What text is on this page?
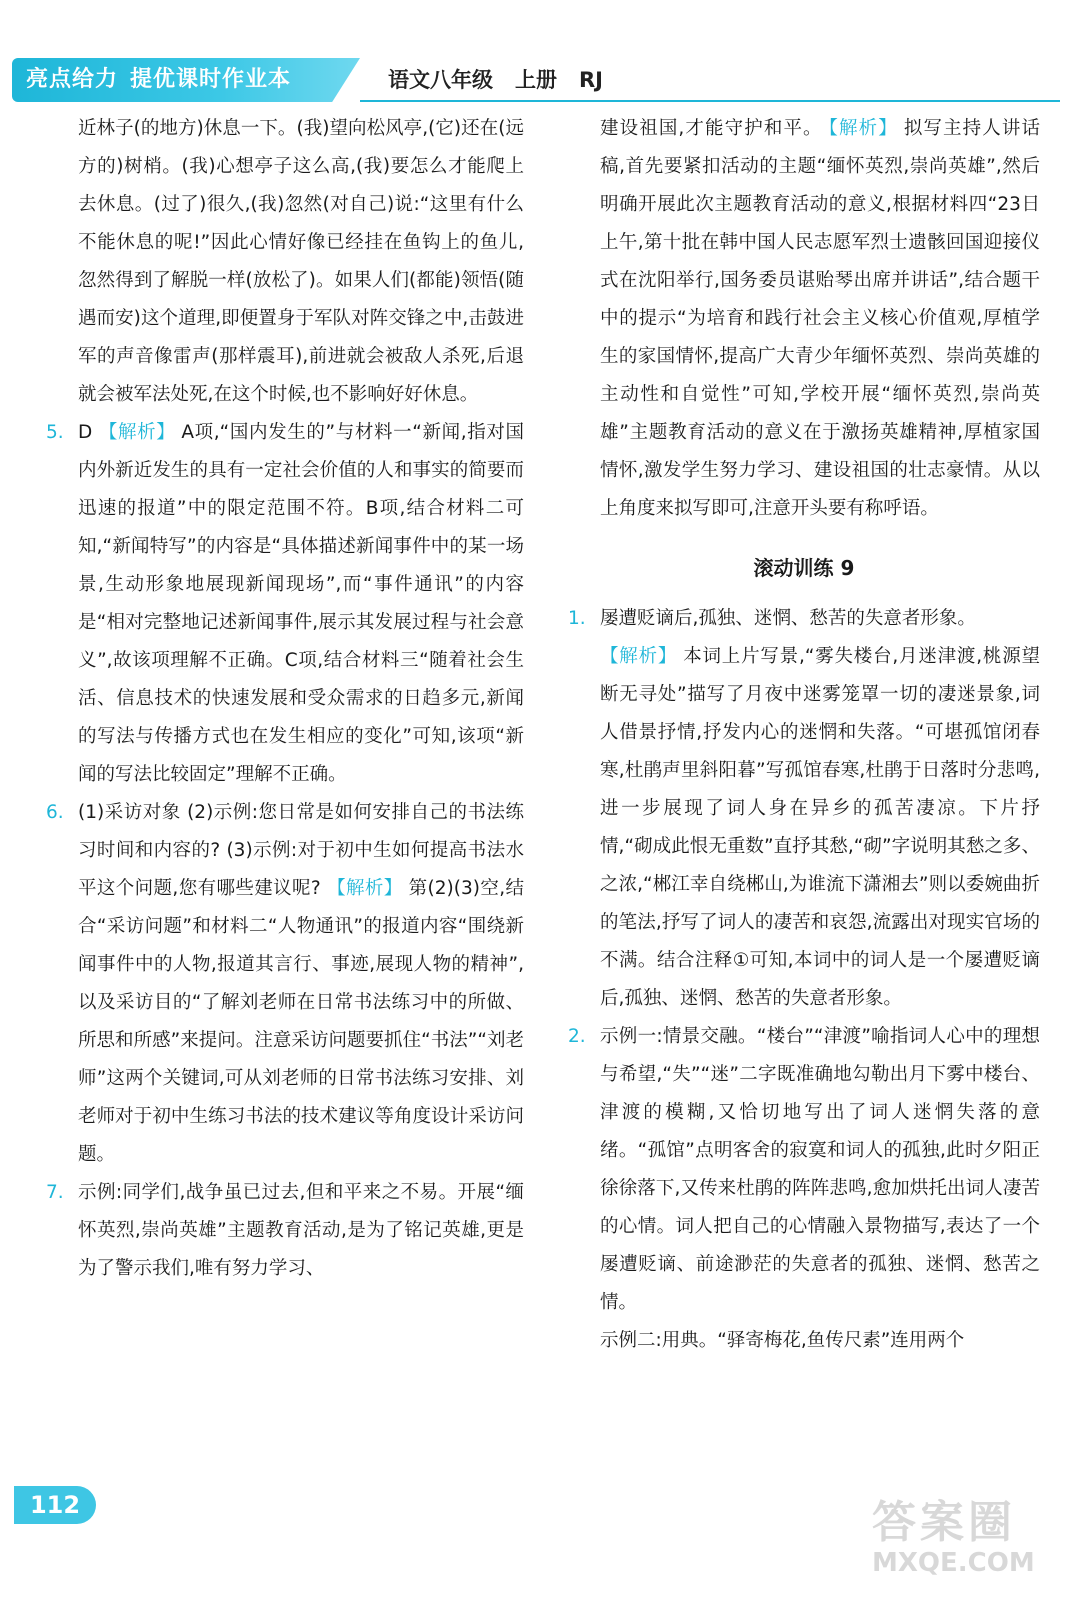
亮点给力 提优课时作业本	语文八年级 上册 RJ

近林子(的地方)休息一下。(我)望向松风亭,(它)还在(远方的)树梢。(我)心想亭子这么高,(我)要怎么才能爬上去休息。(过了)很久,(我)忽然(对自己)说:“这里有什么不能休息的呢!”因此心情好像已经挂在鱼钩上的鱼儿,忽然得到了解脱一样(放松了)。如果人们(都能)领悟(随遇而安)这个道理,即便置身于军队对阵交锋之中,击鼓进军的声音像雷声(那样震耳),前进就会被敌人杀死,后退就会被军法处死,在这个时候,也不影响好好休息。

5. D 【解析】 A项,“国内发生的”与材料一“新闻,指对国内外新近发生的具有一定社会价值的人和事实的简要而迅速的报道”中的限定范围不符。B项,结合材料二可知,“新闻特写”的内容是“具体描述新闻事件中的某一场景,生动形象地展现新闻现场”,而“事件通讯”的内容是“相对完整地记述新闻事件,展示其发展过程与社会意义”,故该项理解不正确。C项,结合材料三“随着社会生活、信息技术的快速发展和受众需求的日趋多元,新闻的写法与传播方式也在发生相应的变化”可知,该项“新闻的写法比较固定”理解不正确。
6. (1)采访对象 (2)示例:您日常是如何安排自己的书法练习时间和内容的? (3)示例:对于初中生如何提高书法水平这个问题,您有哪些建议呢? 【解析】 第(2)(3)空,结合“采访问题”和材料二“人物通讯”的报道内容“围绕新闻事件中的人物,报道其言行、事迹,展现人物的精神”,以及采访目的“了解刘老师在日常书法练习中的所做、所思和所感”来提问。注意采访问题要抓住“书法”“刘老师”这两个关键词,可从刘老师的日常书法练习安排、刘老师对于初中生练习书法的技术建议等角度设计采访问题。
7. 示例:同学们,战争虽已过去,但和平来之不易。开展“缅怀英烈,崇尚英雄”主题教育活动,是为了铭记英雄,更是为了警示我们,唯有努力学习、

建设祖国,才能守护和平。 【解析】 拟写主持人讲话稿,首先要紧扣活动的主题“缅怀英烈,崇尚英雄”,然后明确开展此次主题教育活动的意义,根据材料四“23日上午,第十批在韩中国人民志愿军烈士遗骸回国迎接仪式在沈阳举行,国务委员谌贻琴出席并讲话”,结合题干中的提示“为培育和践行社会主义核心价值观,厚植学生的家国情怀,提高广大青少年缅怀英烈、崇尚英雄的主动性和自觉性”可知,学校开展“缅怀英烈,崇尚英雄”主题教育活动的意义在于激扬英雄精神,厚植家国情怀,激发学生努力学习、建设祖国的壮志豪情。从以上角度来拟写即可,注意开头要有称呼语。

滚动训练 9
1. 屡遭贬谪后,孤独、迷惘、愁苦的失意者形象。
【解析】 本词上片写景,“雾失楼台,月迷津渡,桃源望断无寻处”描写了月夜中迷雾笼罩一切的凄迷景象,词人借景抒情,抒发内心的迷惘和失落。“可堪孤馆闭春寒,杜鹃声里斜阳暮”写孤馆春寒,杜鹃于日落时分悲鸣,进一步展现了词人身在异乡的孤苦凄凉。下片抒情,“砌成此恨无重数”直抒其愁,“砌”字说明其愁之多、之浓,“郴江幸自绕郴山,为谁流下潇湘去”则以委婉曲折的笔法,抒写了词人的凄苦和哀怨,流露出对现实官场的不满。结合注释①可知,本词中的词人是一个屡遭贬谪后,孤独、迷惘、愁苦的失意者形象。
2. 示例一:情景交融。“楼台”“津渡”喻指词人心中的理想与希望,“失”“迷”二字既准确地勾勒出月下雾中楼台、津渡的模糊,又恰切地写出了词人迷惘失落的意绪。“孤馆”点明客舍的寂寞和词人的孤独,此时夕阳正徐徐落下,又传来杜鹃的阵阵悲鸣,愈加烘托出词人凄苦的心情。词人把自己的心情融入景物描写,表达了一个屡遭贬谪、前途渺茫的失意者的孤独、迷惘、愁苦之情。
示例二:用典。“驿寄梅花,鱼传尺素”连用两个
112	答案圈
MXQE.COM
